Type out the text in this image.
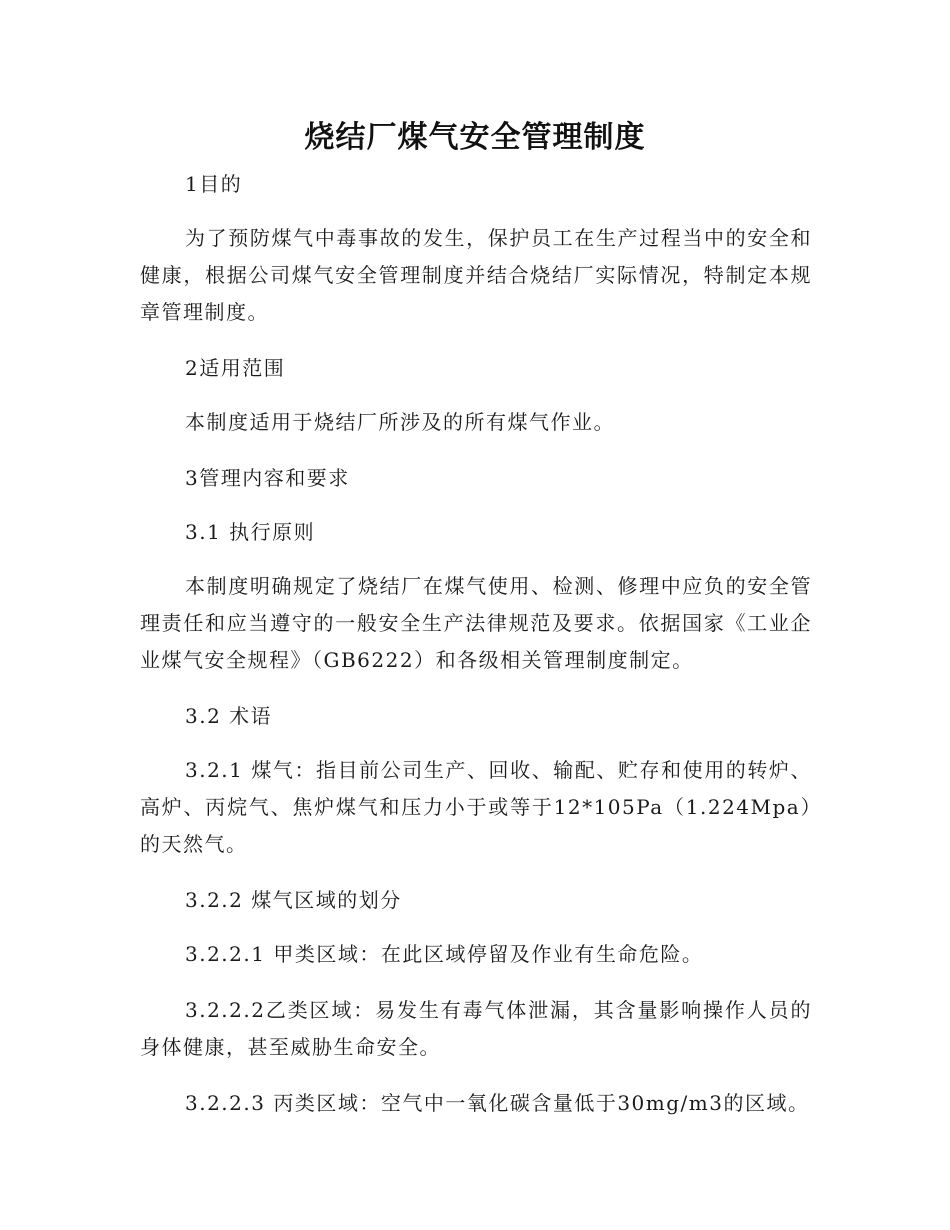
烧结厂煤气安全管理制度

1目的

为了预防煤气中毒事故的发生，保护员工在生产过程当中的安全和健康，根据公司煤气安全管理制度并结合烧结厂实际情况，特制定本规章管理制度。

2适用范围

本制度适用于烧结厂所涉及的所有煤气作业。

3管理内容和要求

3.1 执行原则

本制度明确规定了烧结厂在煤气使用、检测、修理中应负的安全管理责任和应当遵守的一般安全生产法律规范及要求。依据国家《工业企业煤气安全规程》（GB6222）和各级相关管理制度制定。

3.2 术语

3.2.1 煤气：指目前公司生产、回收、输配、贮存和使用的转炉、高炉、丙烷气、焦炉煤气和压力小于或等于12*105Pa（1.224Mpa）的天然气。

3.2.2 煤气区域的划分

3.2.2.1 甲类区域：在此区域停留及作业有生命危险。

3.2.2.2乙类区域：易发生有毒气体泄漏，其含量影响操作人员的身体健康，甚至威胁生命安全。

3.2.2.3 丙类区域：空气中一氧化碳含量低于30mg/m3的区域。
